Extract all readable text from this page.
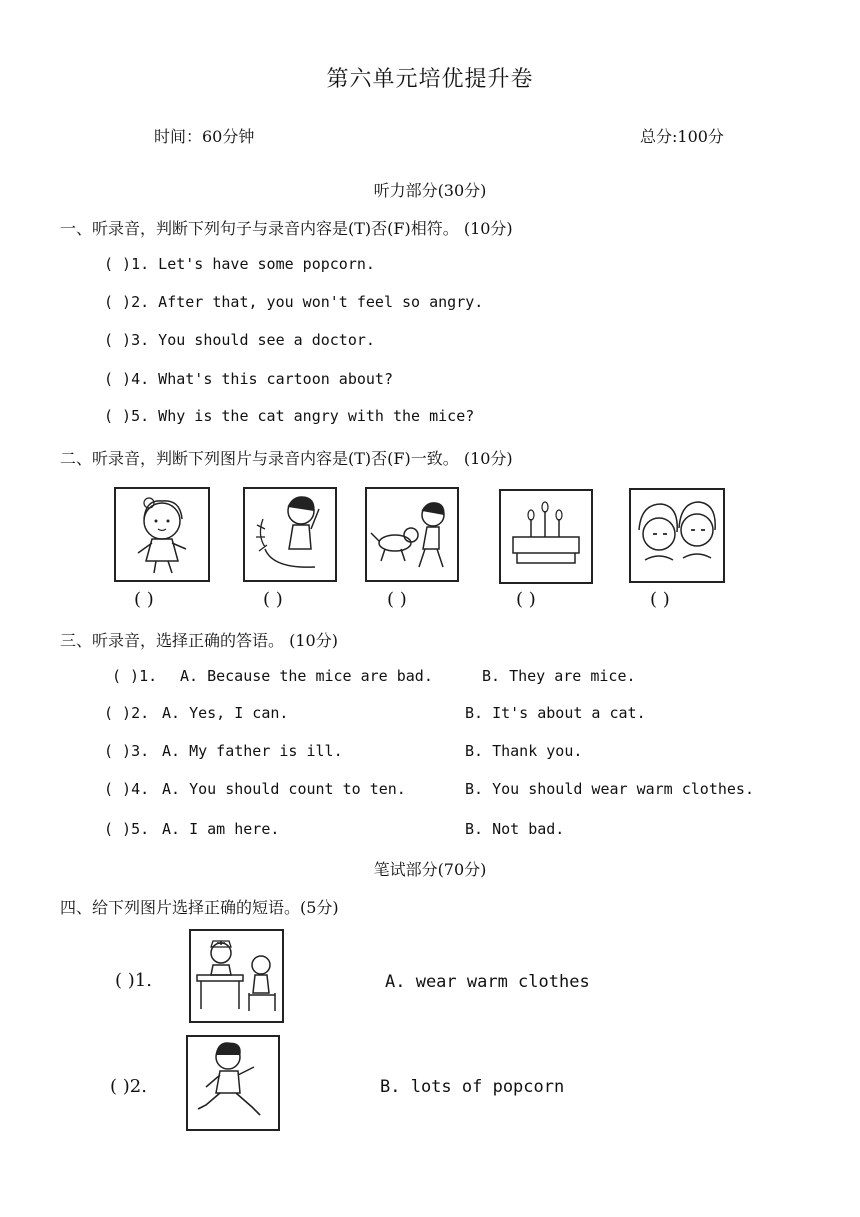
第六单元培优提升卷
时间：60分钟	总分:100分
听力部分(30分)
一、听录音，判断下列句子与录音内容是(T)否(F)相符。 (10分)
( )1. Let's have some popcorn.
( )2. After that, you won't feel so angry.
( )3. You should see a doctor.
( )4. What's this cartoon about?
( )5. Why is the cat angry with the mice?
二、听录音，判断下列图片与录音内容是(T)否(F)一致。 (10分)
( )	( )	( )	( )	( )
三、听录音，选择正确的答语。 (10分)
( )1. A. Because the mice are bad.	B. They are mice.
( )2. A. Yes, I can.	B. It's about a cat.
( )3. A. My father is ill.	B. Thank you.
( )4. A. You should count to ten.	B. You should wear warm clothes.
( )5. A. I am here.	B. Not bad.
笔试部分(70分)
四、给下列图片选择正确的短语。(5分)
( )1.	A. wear warm clothes
( )2.	B. lots of popcorn
